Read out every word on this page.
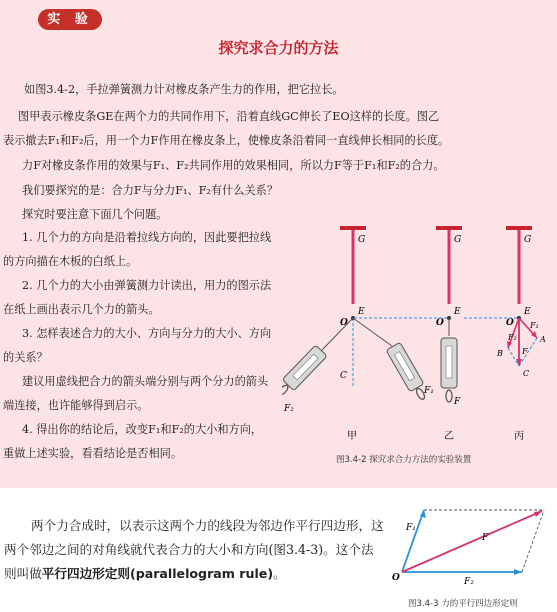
实 验
探究求合力的方法
如图3.4-2，手拉弹簧测力计对橡皮条产生力的作用，把它拉长。
图甲表示橡皮条GE在两个力的共同作用下，沿着直线GC伸长了EO这样的长度。图乙
表示撤去F₁和F₂后，用一个力F作用在橡皮条上，使橡皮条沿着同一直线伸长相同的长度。
力F对橡皮条作用的效果与F₁、F₂共同作用的效果相同，所以力F等于F₁和F₂的合力。
我们要探究的是：合力F与分力F₁、F₂有什么关系？
探究时要注意下面几个问题。
1. 几个力的方向是沿着拉线方向的，因此要把拉线的方向描在木板的白纸上。
2. 几个力的大小由弹簧测力计读出，用力的图示法在纸上画出表示几个力的箭头。
3. 怎样表述合力的大小、方向与分力的大小、方向的关系？
建议用虚线把合力的箭头端分别与两个分力的箭头端连接，也许能够得到启示。
4. 得出你的结论后，改变F₁和F₂的大小和方向，重做上述实验，看看结论是否相同。
G
E
O
C
F₂
F₁
甲
G
E
O
F
乙
G
E
O F₁
A
B
F₂
F
C
丙
图3.4-2 探究求合力方法的实验装置
两个力合成时，以表示这两个力的线段为邻边作平行四边形，这两个邻边之间的对角线就代表合力的大小和方向(图3.4-3)。这个法则叫做平行四边形定则(parallelogram rule)。
F₁
F₂
F
O
图3.4-3 力的平行四边形定则
